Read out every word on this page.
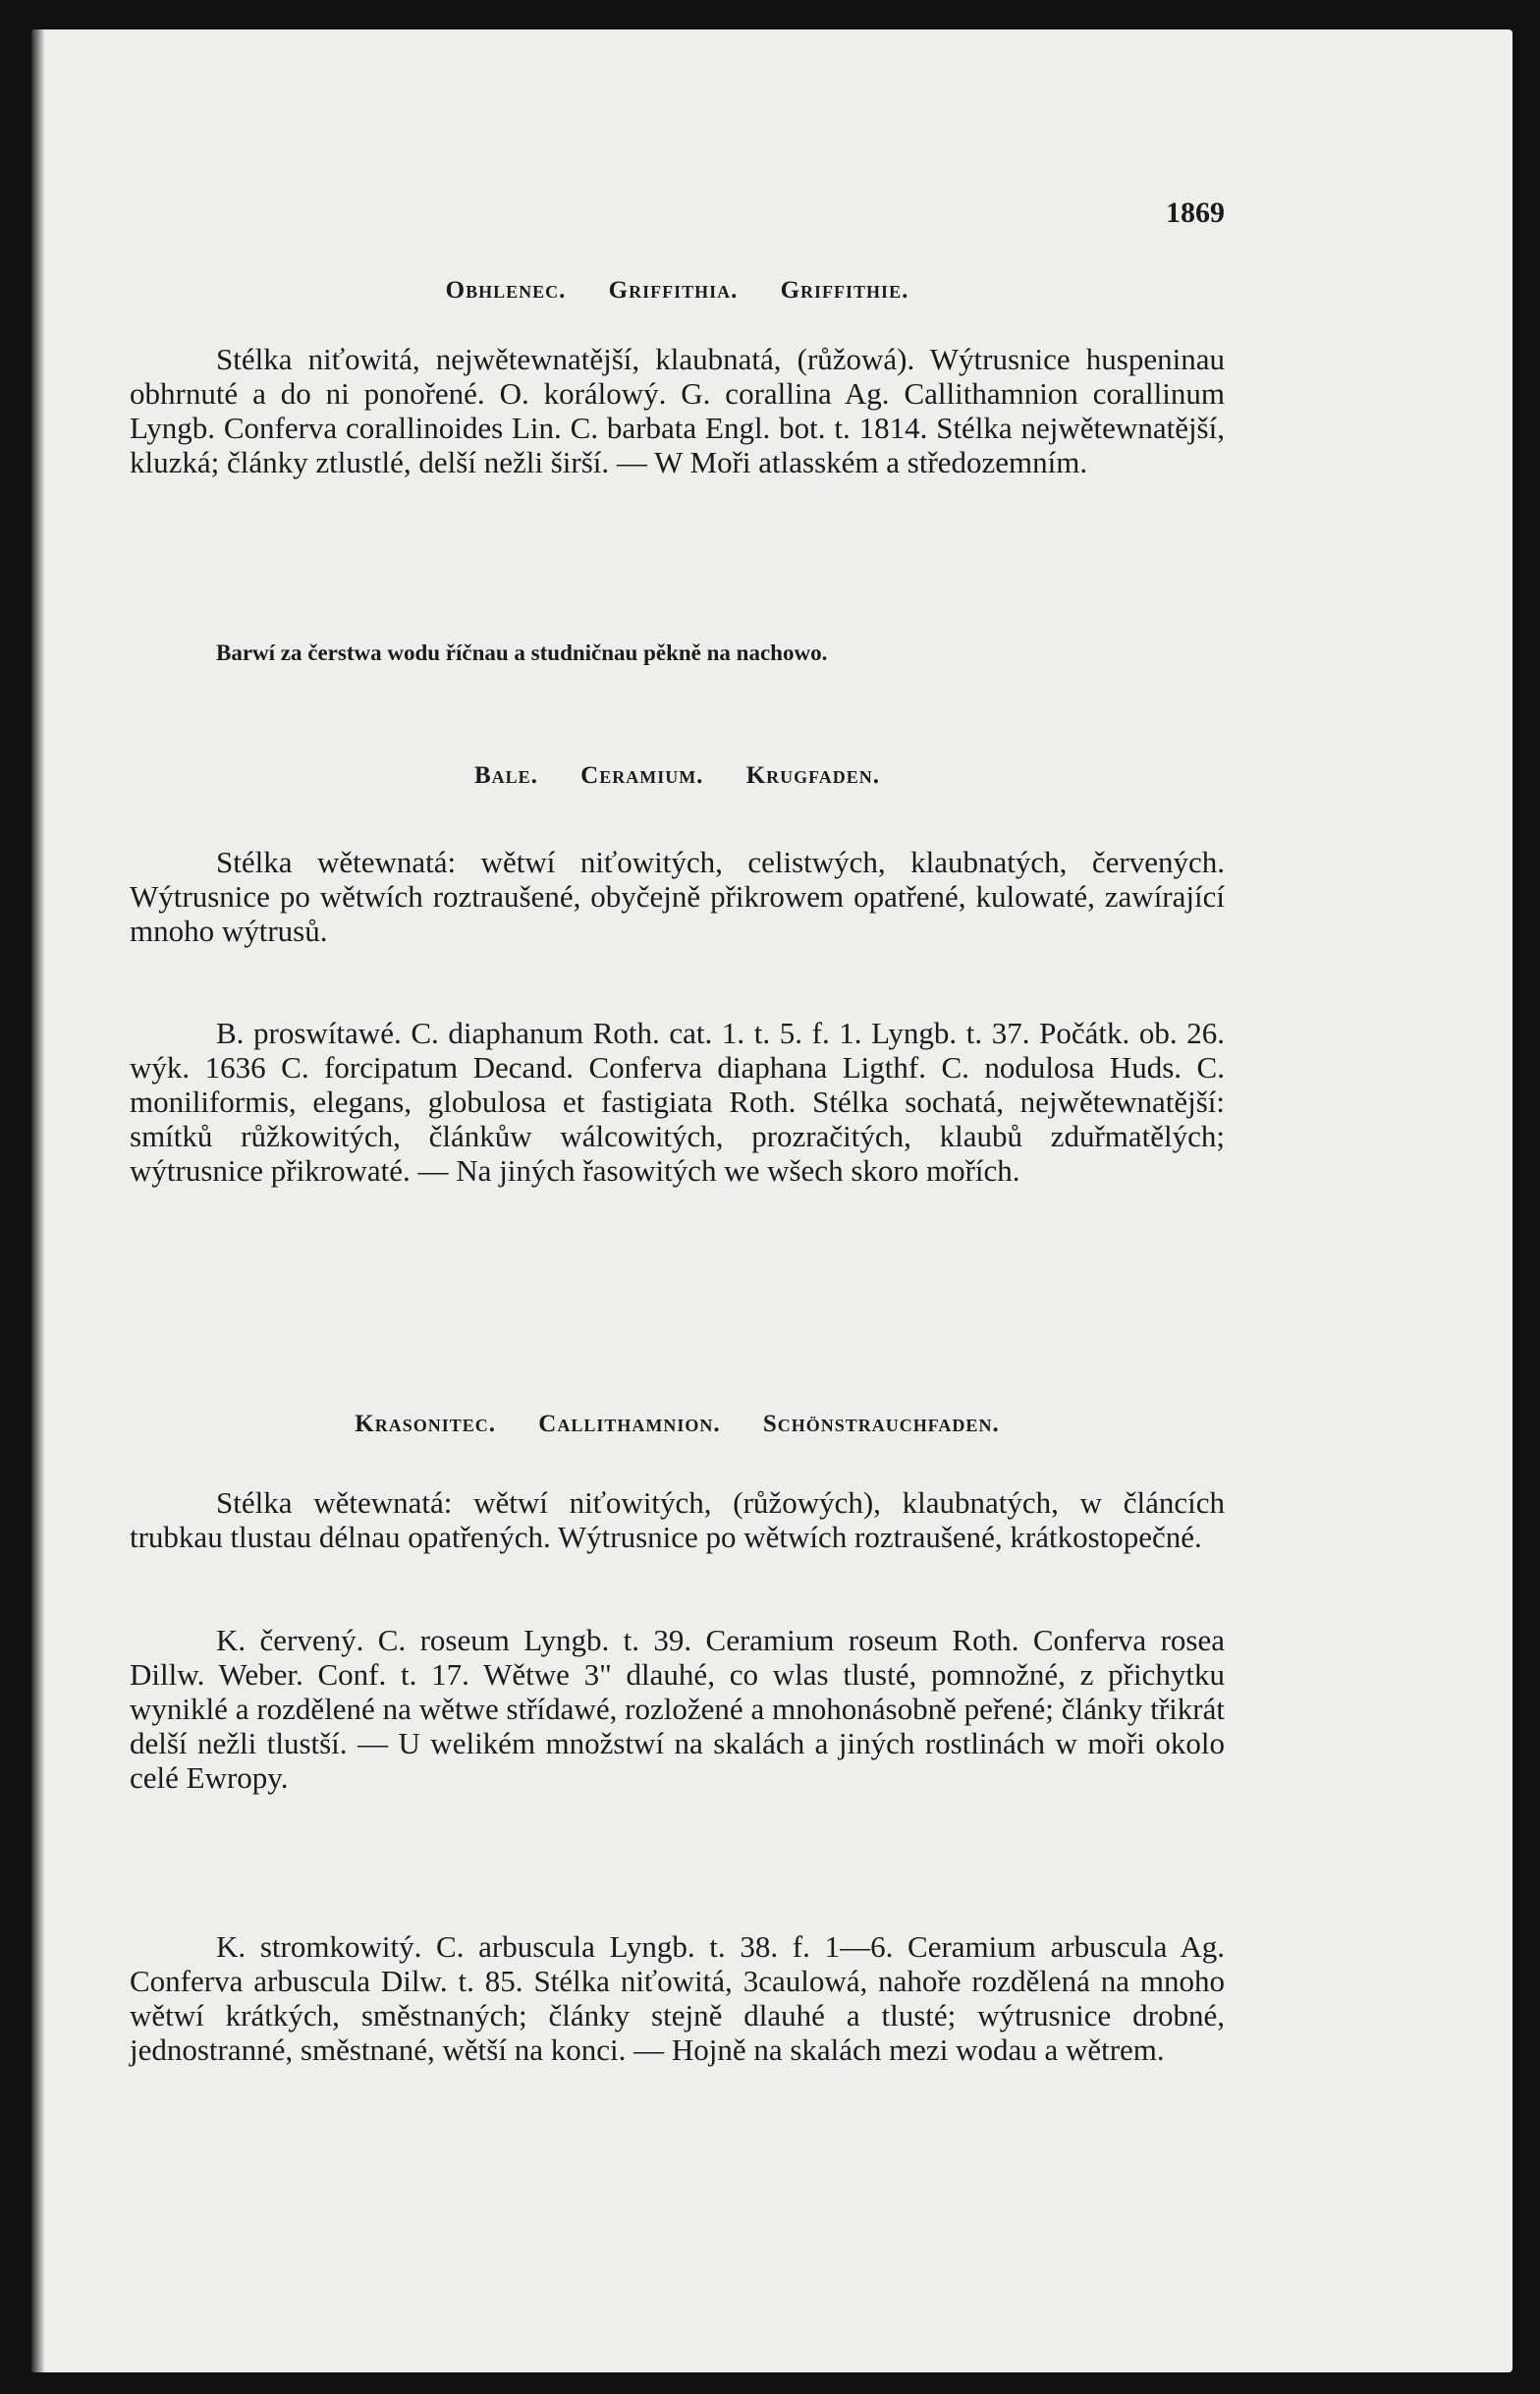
1869
Obhlenec. Griffithia. Griffithie.

Stélka niťowitá, nejwětewnatější, klaubnatá, (růžowá). Wýtrusnice huspeninau obhrnuté a do ni ponořené. O. korálowý. G. corallina Ag. Callithamnion corallinum Lyngb. Conferva corallinoides Lin. C. barbata Engl. bot. t. 1814. Stélka nejwětewnatější, kluzká; články ztlustlé, delší nežli širší. — W Moři atlasském a středozemním.

Barwí za čerstwa wodu říčnau a studničnau pěkně na nachowo.

Bale. Ceramium. Krugfaden.

Stélka wětewnatá: wětwí niťowitých, celistwých, klaubnatých, červených. Wýtrusnice po wětwích roztraušené, obyčejně přikrowem opatřené, kulowaté, zawírající mnoho wýtrusů.

B. proswítawé. C. diaphanum Roth. cat. 1. t. 5. f. 1. Lyngb. t. 37. Počátk. ob. 26. wýk. 1636 C. forcipatum Decand. Conferva diaphana Ligthf. C. nodulosa Huds. C. moniliformis, elegans, globulosa et fastigiata Roth. Stélka sochatá, nejwětewnatější: smítků růžkowitých, článkůw wálcowitých, prozračitých, klaubů zduřmatělých; wýtrusnice přikrowaté. — Na jiných řasowitých we wšech skoro mořích.

Krasonitec. Callithamnion. Schönstrauchfaden.

Stélka wětewnatá: wětwí niťowitých, (růžowých), klaubnatých, w článcích trubkau tlustau délnau opatřených. Wýtrusnice po wětwích roztraušené, krátkostopečné.

K. červený. C. roseum Lyngb. t. 39. Ceramium roseum Roth. Conferva rosea Dillw. Weber. Conf. t. 17. Wětwe 3" dlauhé, co wlas tlusté, pomnožné, z přichytku wyniklé a rozdělené na wětwe střídawé, rozložené a mnohonásobně peřené; články třikrát delší nežli tlustší. — U welikém množstwí na skalách a jiných rostlinách w moři okolo celé Ewropy.

K. stromkowitý. C. arbuscula Lyngb. t. 38. f. 1—6. Ceramium arbuscula Ag. Conferva arbuscula Dilw. t. 85. Stélka niťowitá, 3caulowá, nahoře rozdělená na mnoho wětwí krátkých, směstnaných; články stejně dlauhé a tlusté; wýtrusnice drobné, jednostranné, směstnané, wětší na konci. — Hojně na skalách mezi wodau a wětrem.
